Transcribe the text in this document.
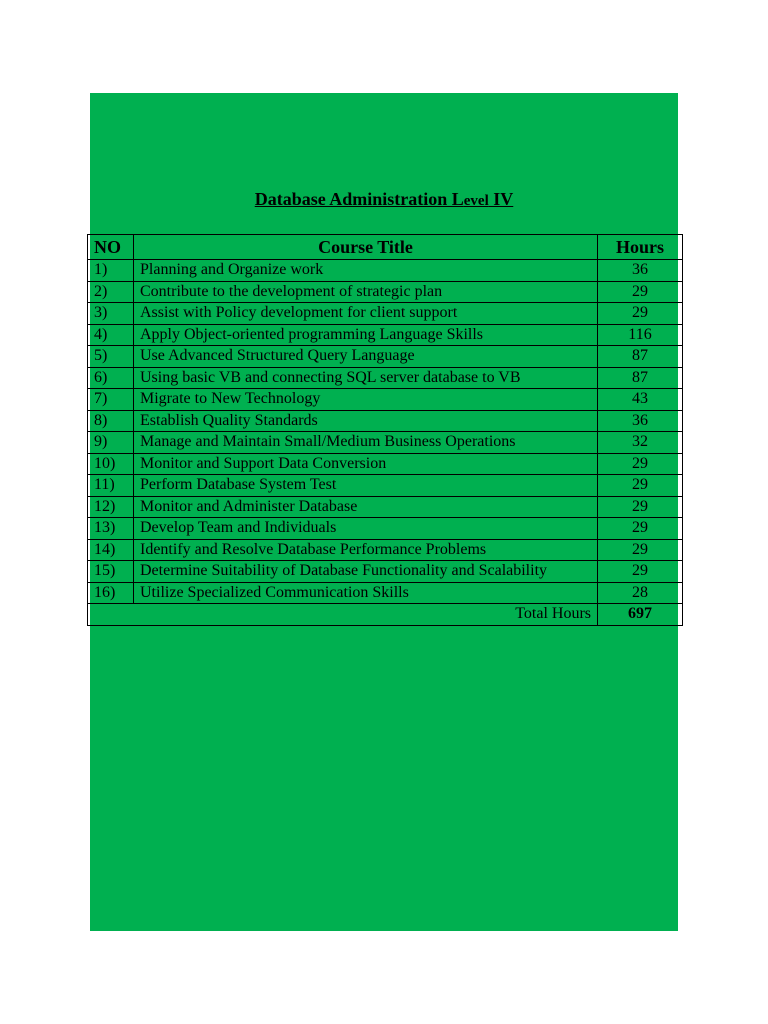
Database Administration Level IV
NO	Course Title	Hours
1)	Planning and Organize work	36
2)	Contribute to the development of strategic plan	29
3)	Assist with Policy development for client support	29
4)	Apply Object-oriented programming Language Skills	116
5)	Use Advanced Structured Query Language	87
6)	Using basic VB and connecting SQL server database to VB	87
7)	Migrate to New Technology	43
8)	Establish Quality Standards	36
9)	Manage and Maintain Small/Medium Business Operations	32
10)	Monitor and Support Data Conversion	29
11)	Perform Database System Test	29
12)	Monitor and Administer Database	29
13)	Develop Team and Individuals	29
14)	Identify and Resolve Database Performance Problems	29
15)	Determine Suitability of Database Functionality and Scalability	29
16)	Utilize Specialized Communication Skills	28
Total Hours		697
